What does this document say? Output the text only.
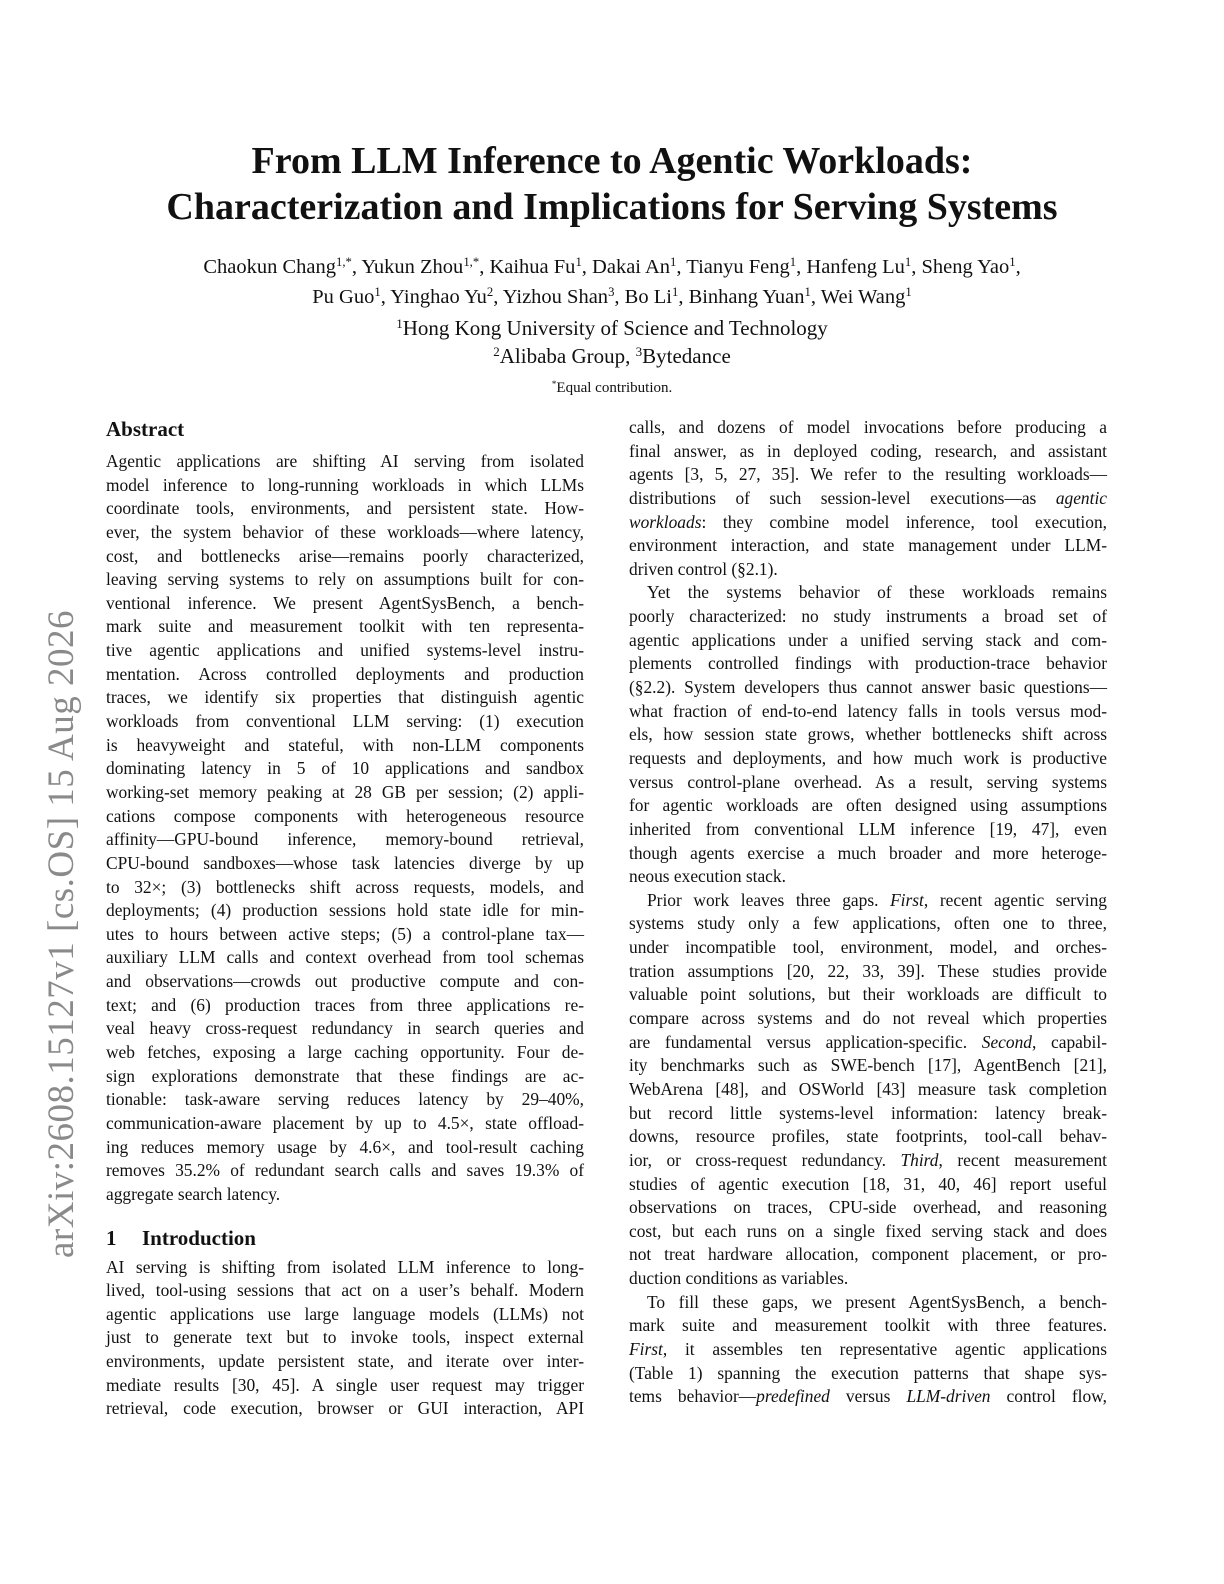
arXiv:2608.15127v1 [cs.OS] 15 Aug 2026
From LLM Inference to Agentic Workloads:
Characterization and Implications for Serving Systems
Chaokun Chang$^{1,*}$, Yukun Zhou$^{1,*}$, Kaihua Fu$^1$, Dakai An$^1$, Tianyu Feng$^1$, Hanfeng Lu$^1$, Sheng Yao$^1$,
Pu Guo$^1$, Yinghao Yu$^2$, Yizhou Shan$^3$, Bo Li$^1$, Binhang Yuan$^1$, Wei Wang$^1$
$^1$Hong Kong University of Science and Technology
$^2$Alibaba Group, $^3$Bytedance
*Equal contribution.
Abstract
Agentic applications are shifting AI serving from isolated
model inference to long-running workloads in which LLMs
coordinate tools, environments, and persistent state. How-
ever, the system behavior of these workloads—where latency,
cost, and bottlenecks arise—remains poorly characterized,
leaving serving systems to rely on assumptions built for con-
ventional inference. We present AgentSysBench, a bench-
mark suite and measurement toolkit with ten representa-
tive agentic applications and unified systems-level instru-
mentation. Across controlled deployments and production
traces, we identify six properties that distinguish agentic
workloads from conventional LLM serving: (1) execution
is heavyweight and stateful, with non-LLM components
dominating latency in 5 of 10 applications and sandbox
working-set memory peaking at 28 GB per session; (2) appli-
cations compose components with heterogeneous resource
affinity—GPU-bound inference, memory-bound retrieval,
CPU-bound sandboxes—whose task latencies diverge by up
to 32×; (3) bottlenecks shift across requests, models, and
deployments; (4) production sessions hold state idle for min-
utes to hours between active steps; (5) a control-plane tax—
auxiliary LLM calls and context overhead from tool schemas
and observations—crowds out productive compute and con-
text; and (6) production traces from three applications re-
veal heavy cross-request redundancy in search queries and
web fetches, exposing a large caching opportunity. Four de-
sign explorations demonstrate that these findings are ac-
tionable: task-aware serving reduces latency by 29–40%,
communication-aware placement by up to 4.5×, state offload-
ing reduces memory usage by 4.6×, and tool-result caching
removes 35.2% of redundant search calls and saves 19.3% of
aggregate search latency.
1 Introduction
AI serving is shifting from isolated LLM inference to long-
lived, tool-using sessions that act on a user’s behalf. Modern
agentic applications use large language models (LLMs) not
just to generate text but to invoke tools, inspect external
environments, update persistent state, and iterate over inter-
mediate results [30, 45]. A single user request may trigger
retrieval, code execution, browser or GUI interaction, API
calls, and dozens of model invocations before producing a
final answer, as in deployed coding, research, and assistant
agents [3, 5, 27, 35]. We refer to the resulting workloads—
distributions of such session-level executions—as agentic
workloads: they combine model inference, tool execution,
environment interaction, and state management under LLM-
driven control (§2.1).
Yet the systems behavior of these workloads remains
poorly characterized: no study instruments a broad set of
agentic applications under a unified serving stack and com-
plements controlled findings with production-trace behavior
(§2.2). System developers thus cannot answer basic questions—
what fraction of end-to-end latency falls in tools versus mod-
els, how session state grows, whether bottlenecks shift across
requests and deployments, and how much work is productive
versus control-plane overhead. As a result, serving systems
for agentic workloads are often designed using assumptions
inherited from conventional LLM inference [19, 47], even
though agents exercise a much broader and more heteroge-
neous execution stack.
Prior work leaves three gaps. First, recent agentic serving
systems study only a few applications, often one to three,
under incompatible tool, environment, model, and orches-
tration assumptions [20, 22, 33, 39]. These studies provide
valuable point solutions, but their workloads are difficult to
compare across systems and do not reveal which properties
are fundamental versus application-specific. Second, capabil-
ity benchmarks such as SWE-bench [17], AgentBench [21],
WebArena [48], and OSWorld [43] measure task completion
but record little systems-level information: latency break-
downs, resource profiles, state footprints, tool-call behav-
ior, or cross-request redundancy. Third, recent measurement
studies of agentic execution [18, 31, 40, 46] report useful
observations on traces, CPU-side overhead, and reasoning
cost, but each runs on a single fixed serving stack and does
not treat hardware allocation, component placement, or pro-
duction conditions as variables.
To fill these gaps, we present AgentSysBench, a bench-
mark suite and measurement toolkit with three features.
First, it assembles ten representative agentic applications
(Table 1) spanning the execution patterns that shape sys-
tems behavior—predefined versus LLM-driven control flow,
